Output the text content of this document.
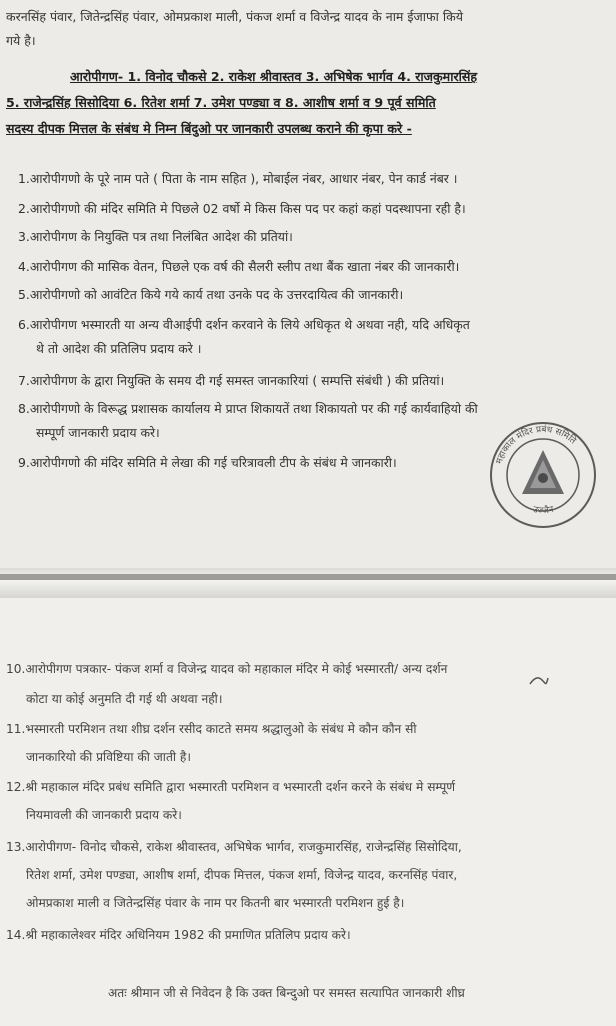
करनसिंह पंवार, जितेन्द्रसिंह पंवार, ओमप्रकाश माली, पंकज शर्मा व विजेन्द्र यादव के नाम ईजाफा किये
गये है।
आरोपीगण- 1. विनोद चौकसे 2. राकेश श्रीवास्तव 3. अभिषेक भार्गव 4. राजकुमारसिंह
5. राजेन्द्रसिंह सिसोदिया 6. रितेश शर्मा 7. उमेश पण्ड्या व 8. आशीष शर्मा व 9 पूर्व समिति
सदस्य दीपक मित्तल के संबंध मे निम्न बिंदुओ पर जानकारी उपलब्ध कराने की कृपा करे -
1.आरोपीगणो के पूरे नाम पते ( पिता के नाम सहित ), मोबाईल नंबर, आधार नंबर, पेन कार्ड नंबर ।
2.आरोपीगणो की मंदिर समिति मे पिछले 02 वर्षो मे किस किस पद पर कहां कहां पदस्थापना रही है।
3.आरोपीगण के नियुक्ति पत्र तथा निलंबित आदेश की प्रतियां।
4.आरोपीगण की मासिक वेतन, पिछले एक वर्ष की सैलरी स्लीप तथा बैंक खाता नंबर की जानकारी।
5.आरोपीगणो को आवंटित किये गये कार्य तथा उनके पद के उत्तरदायित्व की जानकारी।
6.आरोपीगण भस्मारती या अन्य वीआईपी दर्शन करवाने के लिये अधिकृत थे अथवा नही, यदि अधिकृत
थे तो आदेश की प्रतिलिप प्रदाय करे ।
7.आरोपीगण के द्वारा नियुक्ति के समय दी गई समस्त जानकारियां ( सम्पत्ति संबंधी ) की प्रतियां।
8.आरोपीगणो के विरूद्ध प्रशासक कार्यालय मे प्राप्त शिकायतें तथा शिकायतो पर की गई कार्यवाहियो की
सम्पूर्ण जानकारी प्रदाय करे।
9.आरोपीगणो की मंदिर समिति मे लेखा की गई चरित्रावली टीप के संबंध मे जानकारी।	महाकाल मंदिर प्रबंध समिति
उज्जैन
10.आरोपीगण पत्रकार- पंकज शर्मा व विजेन्द्र यादव को महाकाल मंदिर मे कोई भस्मारती/ अन्य दर्शन
कोटा या कोई अनुमति दी गई थी अथवा नही।
11.भस्मारती परमिशन तथा शीघ्र दर्शन रसीद काटते समय श्रद्धालुओ के संबंध मे कौन कौन सी
जानकारियो की प्रविष्टिया की जाती है।
12.श्री महाकाल मंदिर प्रबंध समिति द्वारा भस्मारती परमिशन व भस्मारती दर्शन करने के संबंध मे सम्पूर्ण
नियमावली की जानकारी प्रदाय करे।
13.आरोपीगण- विनोद चौकसे, राकेश श्रीवास्तव, अभिषेक भार्गव, राजकुमारसिंह, राजेन्द्रसिंह सिसोदिया,
रितेश शर्मा, उमेश पण्ड्या, आशीष शर्मा, दीपक मित्तल, पंकज शर्मा, विजेन्द्र यादव, करनसिंह पंवार,
ओमप्रकाश माली व जितेन्द्रसिंह पंवार के नाम पर कितनी बार भस्मारती परमिशन हुई है।
14.श्री महाकालेश्वर मंदिर अधिनियम 1982 की प्रमाणित प्रतिलिप प्रदाय करे।
अतः श्रीमान जी से निवेदन है कि उक्त बिन्दुओ पर समस्त सत्यापित जानकारी शीघ्र
